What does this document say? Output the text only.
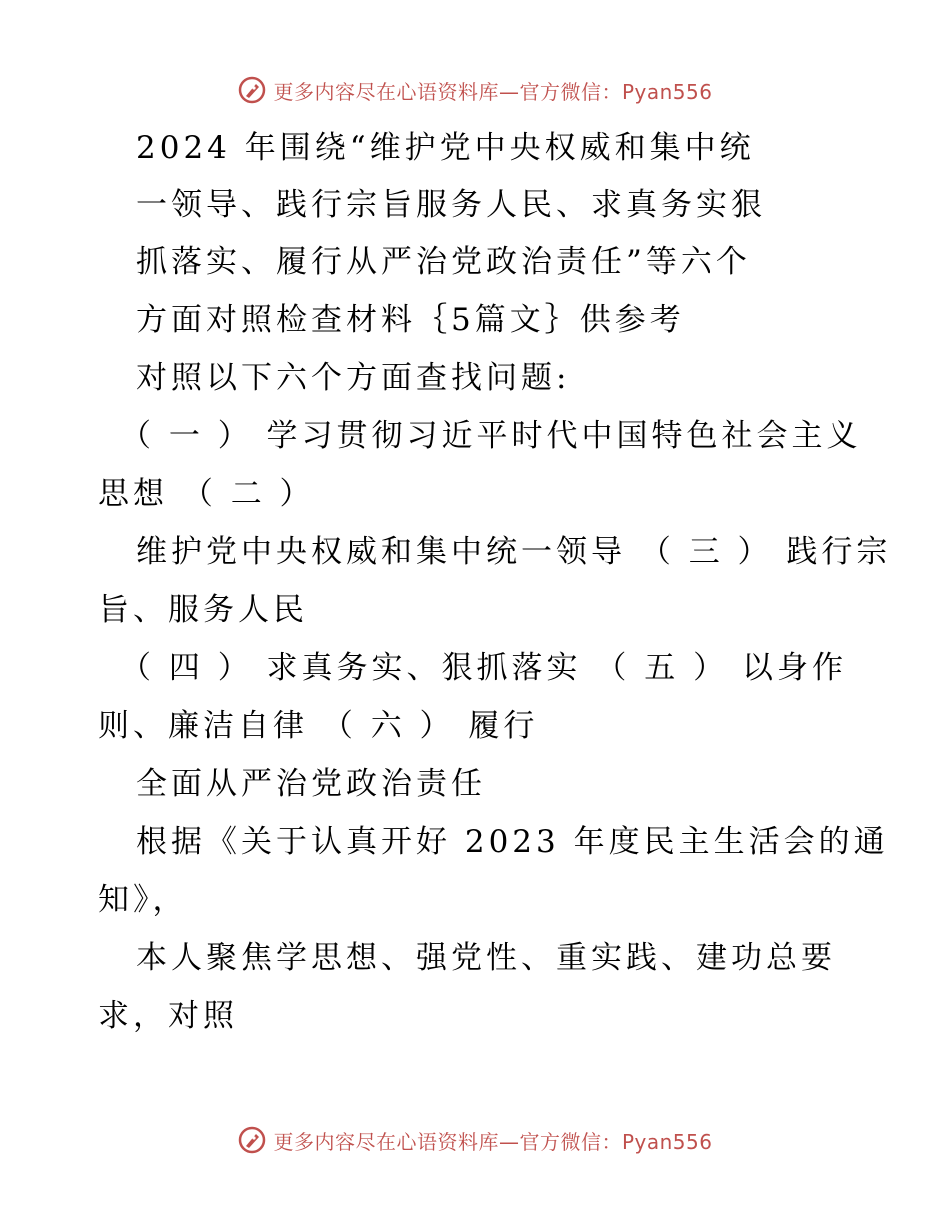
更多内容尽在心语资料库—官方微信：Pyan556
2024 年围绕“维护党中央权威和集中统
一领导、践行宗旨服务人民、求真务实狠
抓落实、履行从严治党政治责任”等六个
方面对照检查材料｛5篇文｝供参考
对照以下六个方面查找问题:
（ 一 ） 学习贯彻习近平时代中国特色社会主义
思想 （ 二 ）
维护党中央权威和集中统一领导 （ 三 ） 践行宗
旨、服务人民
（ 四 ） 求真务实、狠抓落实 （ 五 ） 以身作
则、廉洁自律 （ 六 ） 履行
全面从严治党政治责任
根据《关于认真开好 2023 年度民主生活会的通
知》，
本人聚焦学思想、强党性、重实践、建功总要
求，对照
更多内容尽在心语资料库—官方微信：Pyan556
